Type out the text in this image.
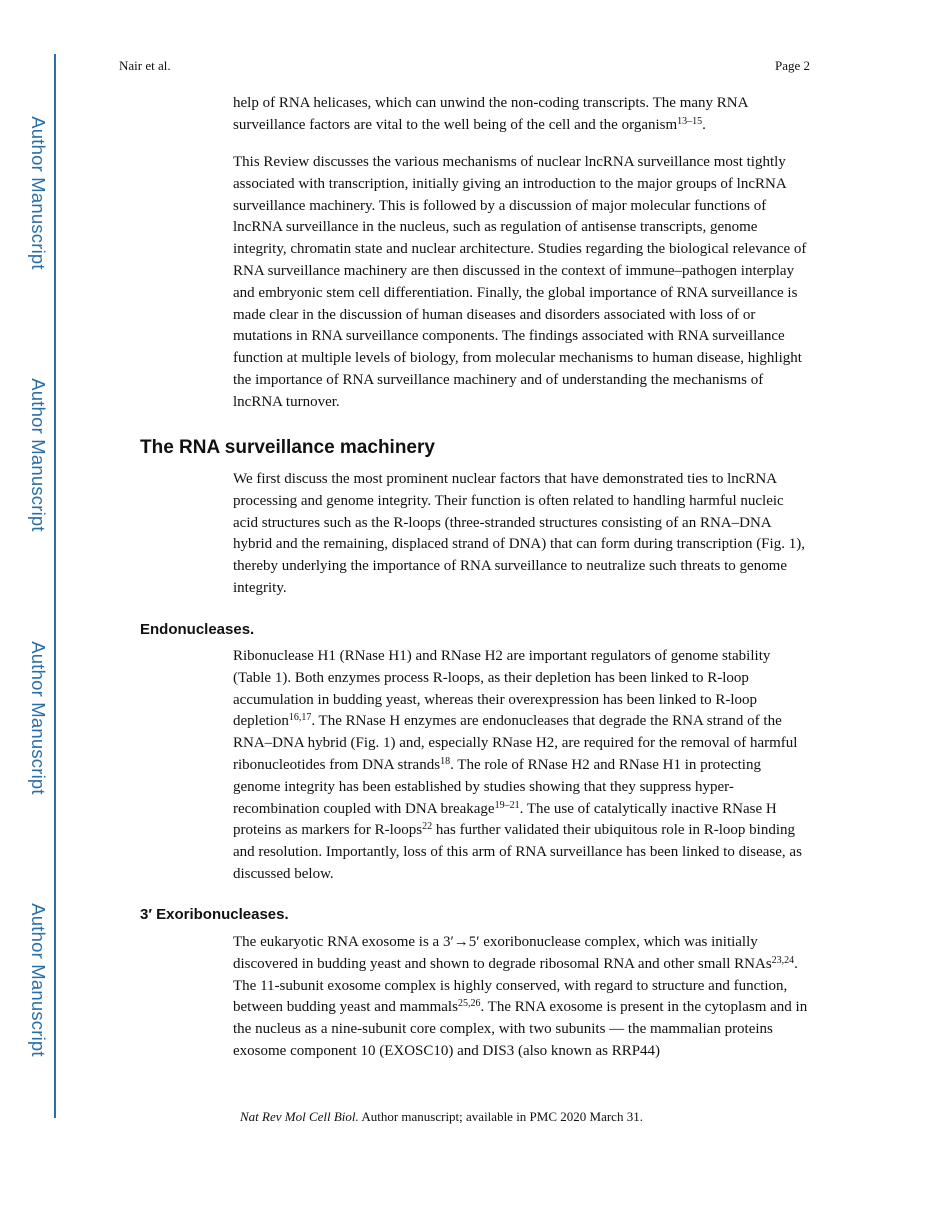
Author Manuscript
Author Manuscript
Author Manuscript
Author Manuscript
Nair et al.	Page 2

help of RNA helicases, which can unwind the non-coding transcripts. The many RNA surveillance factors are vital to the well being of the cell and the organism$^{13-15}$.

This Review discusses the various mechanisms of nuclear lncRNA surveillance most tightly associated with transcription, initially giving an introduction to the major groups of lncRNA surveillance machinery. This is followed by a discussion of major molecular functions of lncRNA surveillance in the nucleus, such as regulation of antisense transcripts, genome integrity, chromatin state and nuclear architecture. Studies regarding the biological relevance of RNA surveillance machinery are then discussed in the context of immune–pathogen interplay and embryonic stem cell differentiation. Finally, the global importance of RNA surveillance is made clear in the discussion of human diseases and disorders associated with loss of or mutations in RNA surveillance components. The findings associated with RNA surveillance function at multiple levels of biology, from molecular mechanisms to human disease, highlight the importance of RNA surveillance machinery and of understanding the mechanisms of lncRNA turnover.

The RNA surveillance machinery

We first discuss the most prominent nuclear factors that have demonstrated ties to lncRNA processing and genome integrity. Their function is often related to handling harmful nucleic acid structures such as the R-loops (three-stranded structures consisting of an RNA–DNA hybrid and the remaining, displaced strand of DNA) that can form during transcription (Fig. 1), thereby underlying the importance of RNA surveillance to neutralize such threats to genome integrity.

Endonucleases.

Ribonuclease H1 (RNase H1) and RNase H2 are important regulators of genome stability (Table 1). Both enzymes process R-loops, as their depletion has been linked to R-loop accumulation in budding yeast, whereas their overexpression has been linked to R-loop depletion$^{16,17}$. The RNase H enzymes are endonucleases that degrade the RNA strand of the RNA–DNA hybrid (Fig. 1) and, especially RNase H2, are required for the removal of harmful ribonucleotides from DNA strands$^{18}$. The role of RNase H2 and RNase H1 in protecting genome integrity has been established by studies showing that they suppress hyper-recombination coupled with DNA breakage$^{19-21}$. The use of catalytically inactive RNase H proteins as markers for R-loops$^{22}$ has further validated their ubiquitous role in R-loop binding and resolution. Importantly, loss of this arm of RNA surveillance has been linked to disease, as discussed below.

3′ Exoribonucleases.

The eukaryotic RNA exosome is a 3′→5′ exoribonuclease complex, which was initially discovered in budding yeast and shown to degrade ribosomal RNA and other small RNAs$^{23,24}$. The 11-subunit exosome complex is highly conserved, with regard to structure and function, between budding yeast and mammals$^{25,26}$. The RNA exosome is present in the cytoplasm and in the nucleus as a nine-subunit core complex, with two subunits — the mammalian proteins exosome component 10 (EXOSC10) and DIS3 (also known as RRP44)

Nat Rev Mol Cell Biol. Author manuscript; available in PMC 2020 March 31.
